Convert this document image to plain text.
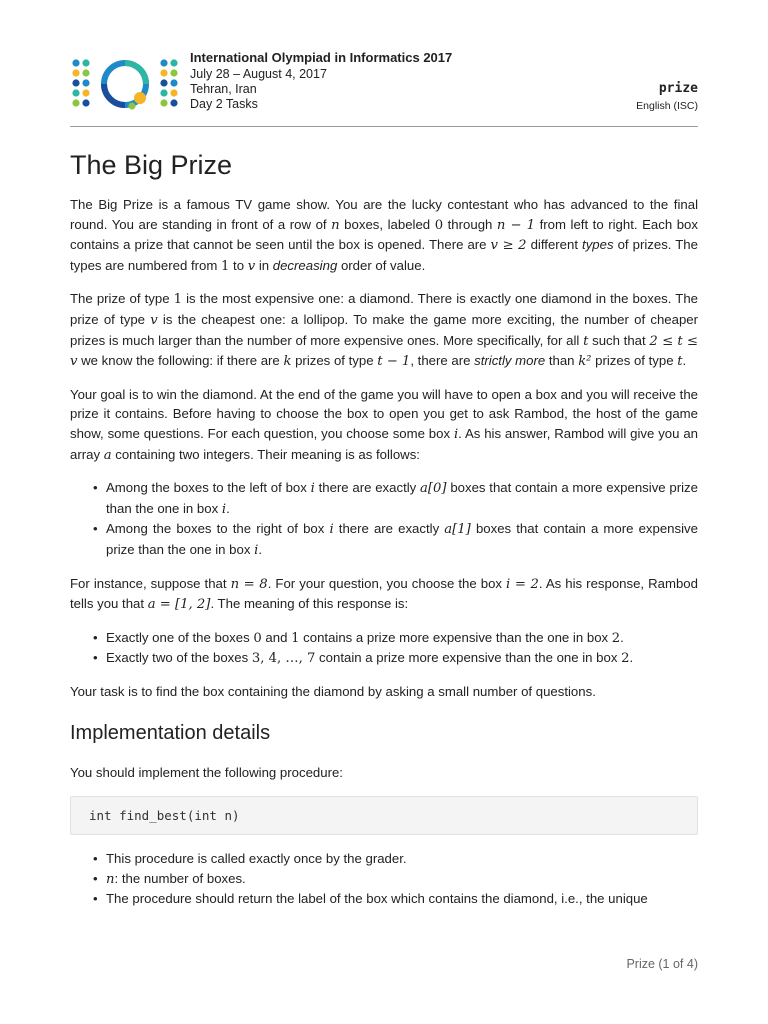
International Olympiad in Informatics 2017
July 28 – August 4, 2017
Tehran, Iran
Day 2 Tasks
prize
English (ISC)
The Big Prize

The Big Prize is a famous TV game show. You are the lucky contestant who has advanced to the final round. You are standing in front of a row of n boxes, labeled 0 through n − 1 from left to right. Each box contains a prize that cannot be seen until the box is opened. There are v ≥ 2 different types of prizes. The types are numbered from 1 to v in decreasing order of value.

The prize of type 1 is the most expensive one: a diamond. There is exactly one diamond in the boxes. The prize of type v is the cheapest one: a lollipop. To make the game more exciting, the number of cheaper prizes is much larger than the number of more expensive ones. More specifically, for all t such that 2 ≤ t ≤ v we know the following: if there are k prizes of type t − 1, there are strictly more than k² prizes of type t.

Your goal is to win the diamond. At the end of the game you will have to open a box and you will receive the prize it contains. Before having to choose the box to open you get to ask Rambod, the host of the game show, some questions. For each question, you choose some box i. As his answer, Rambod will give you an array a containing two integers. Their meaning is as follows:

• Among the boxes to the left of box i there are exactly a[0] boxes that contain a more expensive prize than the one in box i.
• Among the boxes to the right of box i there are exactly a[1] boxes that contain a more expensive prize than the one in box i.

For instance, suppose that n = 8. For your question, you choose the box i = 2. As his response, Rambod tells you that a = [1, 2]. The meaning of this response is:

• Exactly one of the boxes 0 and 1 contains a prize more expensive than the one in box 2.
• Exactly two of the boxes 3, 4, …, 7 contain a prize more expensive than the one in box 2.

Your task is to find the box containing the diamond by asking a small number of questions.

Implementation details

You should implement the following procedure:

int find_best(int n)
• This procedure is called exactly once by the grader.
• n: the number of boxes.
• The procedure should return the label of the box which contains the diamond, i.e., the unique
Prize (1 of 4)
